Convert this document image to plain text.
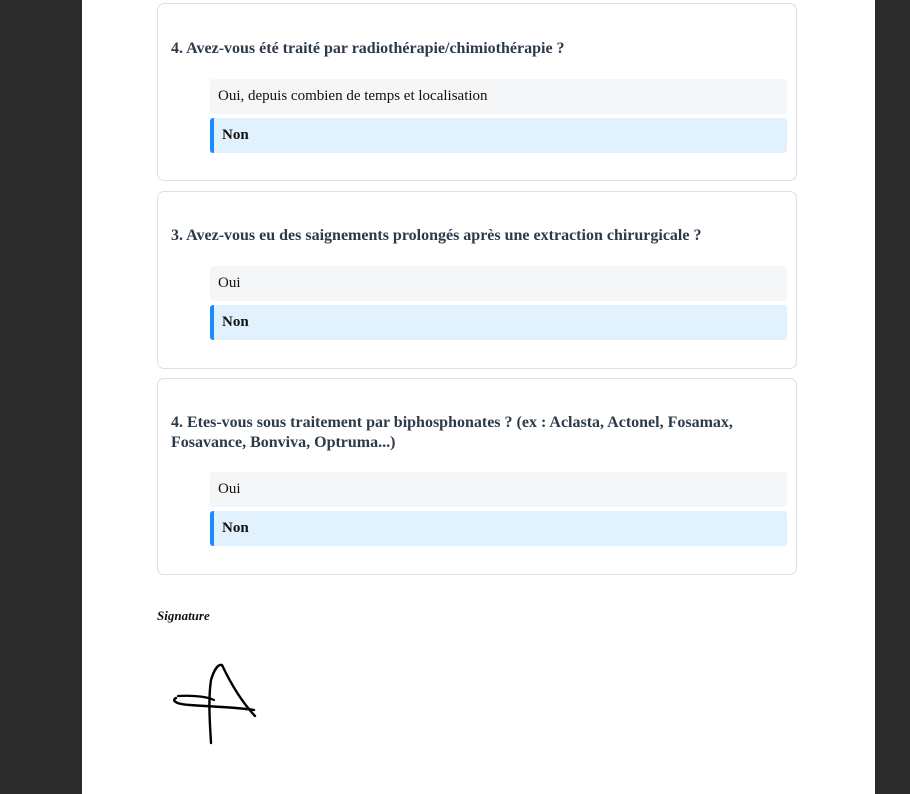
4. Avez-vous été traité par radiothérapie/chimiothérapie ?
Oui, depuis combien de temps et localisation
Non
3. Avez-vous eu des saignements prolongés après une extraction chirurgicale ?
Oui
Non
4. Etes-vous sous traitement par biphosphonates ? (ex : Aclasta, Actonel, Fosamax, Fosavance, Bonviva, Optruma...)
Oui
Non

Signature
